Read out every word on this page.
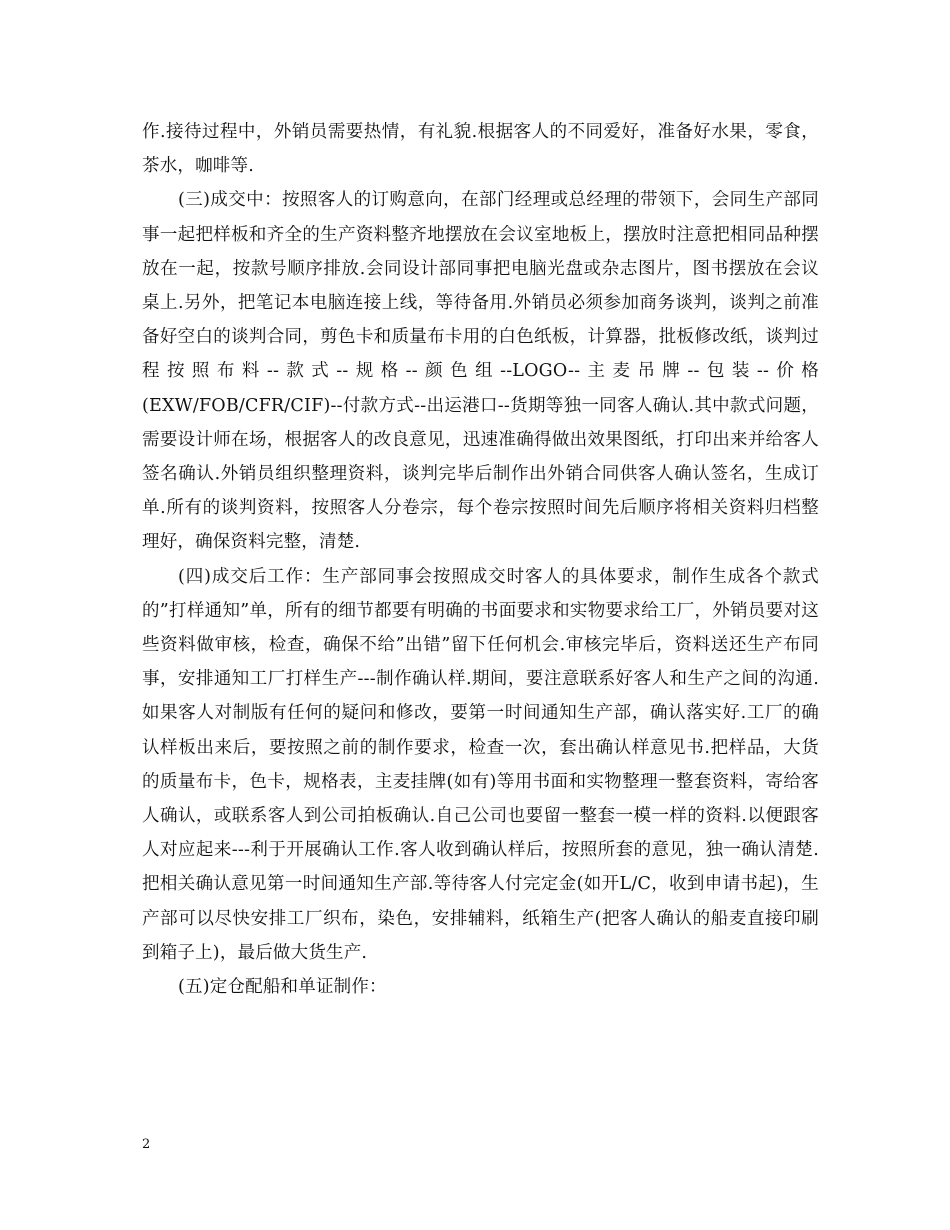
作.接待过程中，外销员需要热情，有礼貌.根据客人的不同爱好，准备好水果，零食，茶水，咖啡等.

(三)成交中：按照客人的订购意向，在部门经理或总经理的带领下，会同生产部同事一起把样板和齐全的生产资料整齐地摆放在会议室地板上，摆放时注意把相同品种摆放在一起，按款号顺序排放.会同设计部同事把电脑光盘或杂志图片，图书摆放在会议桌上.另外，把笔记本电脑连接上线，等待备用.外销员必须参加商务谈判，谈判之前准备好空白的谈判合同，剪色卡和质量布卡用的白色纸板，计算器，批板修改纸，谈判过程按照布料--款式--规格--颜色组--LOGO--主麦吊牌--包装--价格(EXW/FOB/CFR/CIF)--付款方式--出运港口--货期等独一同客人确认.其中款式问题，需要设计师在场，根据客人的改良意见，迅速准确得做出效果图纸，打印出来并给客人签名确认.外销员组织整理资料，谈判完毕后制作出外销合同供客人确认签名，生成订单.所有的谈判资料，按照客人分卷宗，每个卷宗按照时间先后顺序将相关资料归档整理好，确保资料完整，清楚.

(四)成交后工作：生产部同事会按照成交时客人的具体要求，制作生成各个款式的”打样通知”单，所有的细节都要有明确的书面要求和实物要求给工厂，外销员要对这些资料做审核，检查，确保不给”出错”留下任何机会.审核完毕后，资料送还生产布同事，安排通知工厂打样生产---制作确认样.期间，要注意联系好客人和生产之间的沟通.如果客人对制版有任何的疑问和修改，要第一时间通知生产部，确认落实好.工厂的确认样板出来后，要按照之前的制作要求，检查一次，套出确认样意见书.把样品，大货的质量布卡，色卡，规格表，主麦挂牌(如有)等用书面和实物整理一整套资料，寄给客人确认，或联系客人到公司拍板确认.自己公司也要留一整套一模一样的资料.以便跟客人对应起来---利于开展确认工作.客人收到确认样后，按照所套的意见，独一确认清楚.把相关确认意见第一时间通知生产部.等待客人付完定金(如开L/C，收到申请书起)，生产部可以尽快安排工厂织布，染色，安排辅料，纸箱生产(把客人确认的船麦直接印刷到箱子上)，最后做大货生产.

(五)定仓配船和单证制作：

2
